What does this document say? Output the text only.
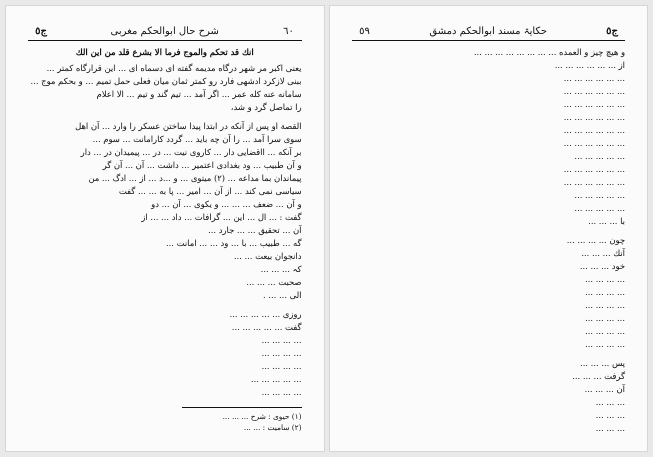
٦٠
شرح حال ابوالحکم مغربی
ج٥

انك قد تحكم والموج فرما الا بشرع قلد من اين الك

یعنی اكبر مر شهر درگاه مدیمه گفته ای دسماه ای ... این قرارگاه کمتر ...

ببنى لازكرد ادشهى فارد رو کمتر ثمان میان فعلى حمل تمیم ... و بحکم موج ...

سامانه عنه کله عمر ... اگر آمد ... تیم گند و تیم ... الا اعلام

را تماصل گرد و شد،

القصة او پس از آنکه در ابتدا پیدا ساختن عسکر را وارد ... آن اهل

سوی سرا آمد ... را آن چه باید ... گردد کارامانت ... سوم ...

بر آنکه ... ااقضایی دار ... کاروی نیت ... در ... پیمیدان در ... دار

و آن طبیب ... ود بغدادی اعتمیر ... داشت ... آن ... آن گر

پیماندان بما مداعه ... (۲) میتوی ... و ...د ... از ... ادگ ... من

سیاسی نمی کند ... از آن ... امیر ... پا به ... ... گفت

و آن ... ضعف ... ... ... و یکوی ... آن ... دو

گفت : ... ال ... اين ... گرافات ... داد ... ... از

آن ... تحقيق ... ... جارد ...

گه ... طبيب ... با ... ود ... ... امانت ...

دانجوان بیعت ... ...

کہ ... ... ...

صحبت ... ... ...

الی ... ... .

روزی ... ... ... ... ...

گفت ... ... ... ... ...

... ... ... ...

... ... ... ...

... ... ... ...

... ... ... ... ...

... ... ... ...

(۱) حیوی : شرح ... ... ...

(۲) سامیت : ... ...

ج٥
حکایۃ مسند ابوالحکم دمشق
٥٩

و هیچ چیز و العمده ... ... ... ... ... ... ... ...

از ... ... ... ... ... ...

... ... ... ... ... ...

... ... ... ... ... ...

... ... ... ... ... ...

... ... ... ... ... ...

... ... ... ... ... ...

... ... ... ... ... ...

... ... ... ... ...

... ... ... ... ... ...

... ... ... ... ... ...

... ... ... ... ...

... ... ... ... ...

با ... ... ...

چون ... ... ... ...

آنك ... ... ...

خود ... ... ...

... ... ... ...

... ... ... ...

... ... ... ...

... ... ... ...

... ... ... ...

... ... ... ...

پس ... ... ...

گرفت ... ... ...

آن ... ... ...

... ... ...

... ... ...

... ... ...
